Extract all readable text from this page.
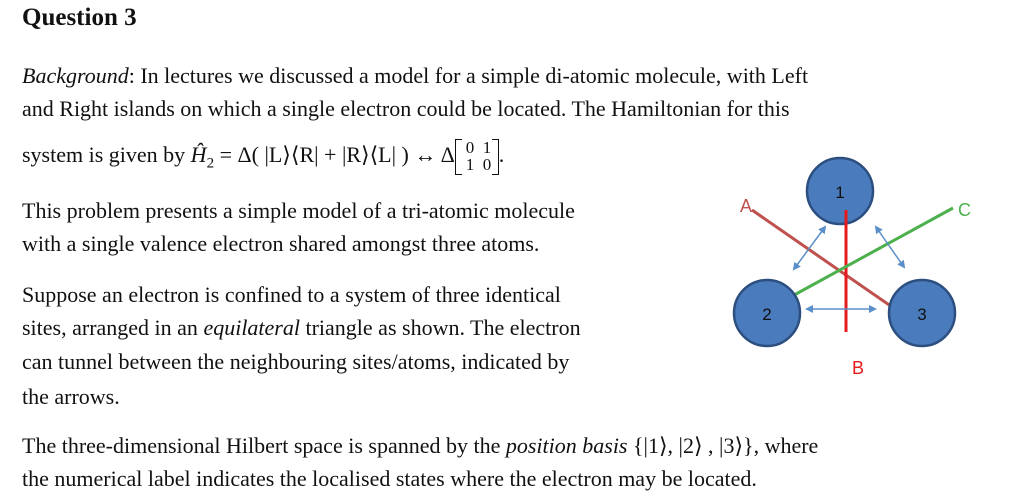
Question 3
Background: In lectures we discussed a model for a simple di-atomic molecule, with Left
and Right islands on which a single electron could be located. The Hamiltonian for this
system is given by $Ĥ_2 = \Delta$( |L⟩⟨R| + |R⟩⟨L| ) ↔ Δ 0 1
1 0 .
This problem presents a simple model of a tri-atomic molecule
with a single valence electron shared amongst three atoms.
Suppose an electron is confined to a system of three identical
sites, arranged in an equilateral triangle as shown. The electron
can tunnel between the neighbouring sites/atoms, indicated by
the arrows.
The three-dimensional Hilbert space is spanned by the position basis {|1⟩, |2⟩ , |3⟩}, where
the numerical label indicates the localised states where the electron may be located.
1
2	3
A
B
C
